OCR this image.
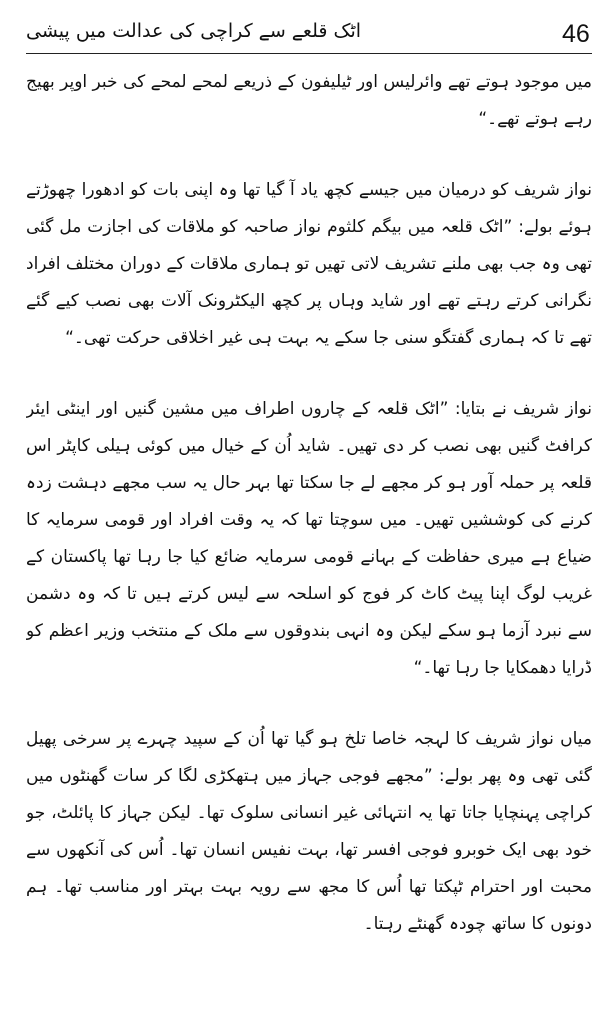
46
اٹک قلعے سے کراچی کی عدالت میں پیشی

میں موجود ہوتے تھے وائرلیس اور ٹیلیفون کے ذریعے لمحے لمحے کی خبر اوپر بھیج رہے ہوتے تھے۔“

نواز شریف کو درمیان میں جیسے کچھ یاد آ گیا تھا وہ اپنی بات کو ادھورا چھوڑتے ہوئے بولے: ”اٹک قلعہ میں بیگم کلثوم نواز صاحبہ کو ملاقات کی اجازت مل گئی تھی وہ جب بھی ملنے تشریف لاتی تھیں تو ہماری ملاقات کے دوران مختلف افراد نگرانی کرتے رہتے تھے اور شاید وہاں پر کچھ الیکٹرونک آلات بھی نصب کیے گئے تھے تا کہ ہماری گفتگو سنی جا سکے یہ بہت ہی غیر اخلاقی حرکت تھی۔“

نواز شریف نے بتایا: ”اٹک قلعہ کے چاروں اطراف میں مشین گنیں اور اینٹی ایئر کرافٹ گنیں بھی نصب کر دی تھیں۔ شاید اُن کے خیال میں کوئی ہیلی کاپٹر اس قلعہ پر حملہ آور ہو کر مجھے لے جا سکتا تھا بہر حال یہ سب مجھے دہشت زدہ کرنے کی کوششیں تھیں۔ میں سوچتا تھا کہ یہ وقت افراد اور قومی سرمایہ کا ضیاع ہے میری حفاظت کے بہانے قومی سرمایہ ضائع کیا جا رہا تھا پاکستان کے غریب لوگ اپنا پیٹ کاٹ کر فوج کو اسلحہ سے لیس کرتے ہیں تا کہ وہ دشمن سے نبرد آزما ہو سکے لیکن وہ انہی بندوقوں سے ملک کے منتخب وزیر اعظم کو ڈرایا دھمکایا جا رہا تھا۔“

میاں نواز شریف کا لہجہ خاصا تلخ ہو گیا تھا اُن کے سپید چہرے پر سرخی پھیل گئی تھی وہ پھر بولے: ”مجھے فوجی جہاز میں ہتھکڑی لگا کر سات گھنٹوں میں کراچی پہنچایا جاتا تھا یہ انتہائی غیر انسانی سلوک تھا۔ لیکن جہاز کا پائلٹ، جو خود بھی ایک خوبرو فوجی افسر تھا، بہت نفیس انسان تھا۔ اُس کی آنکھوں سے محبت اور احترام ٹپکتا تھا اُس کا مجھ سے رویہ بہت بہتر اور مناسب تھا۔ ہم دونوں کا ساتھ چودہ گھنٹے رہتا۔
